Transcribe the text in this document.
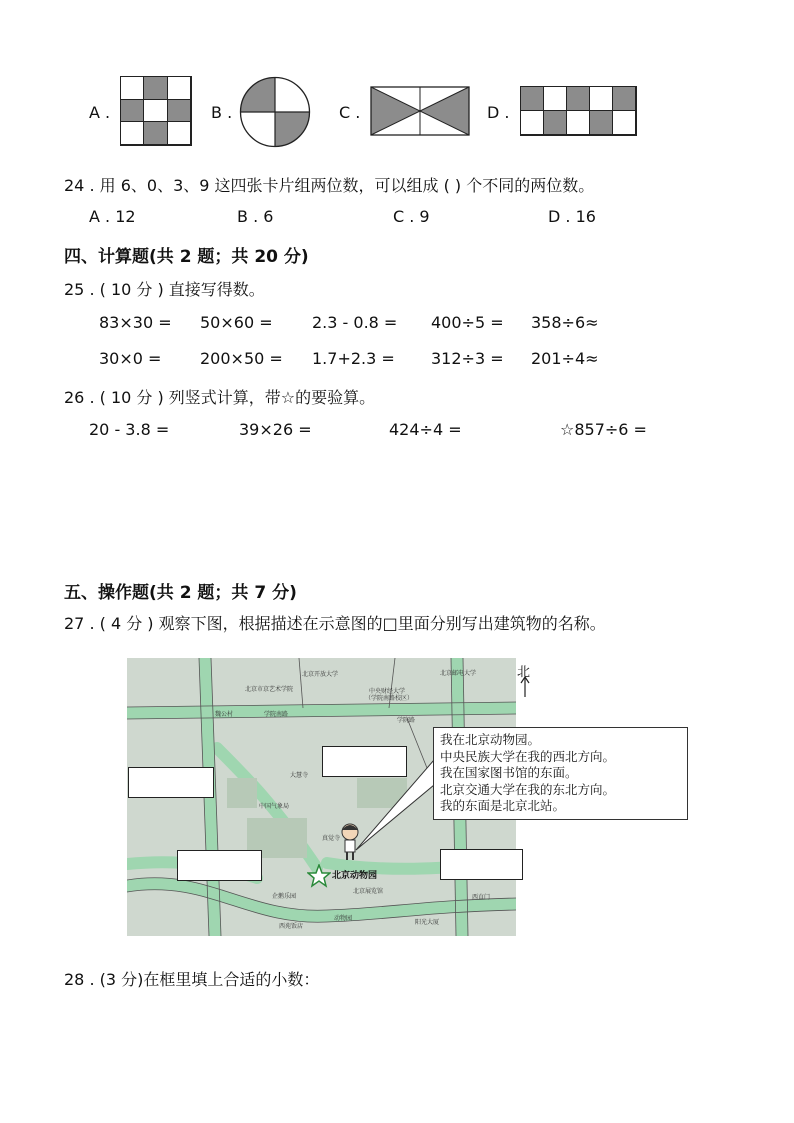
A .	B .	C .	D .
24 . 用 6、0、3、9 这四张卡片组两位数，可以组成 ( ) 个不同的两位数。
A . 12	B . 6	C . 9	D . 16
四、计算题(共 2 题；共 20 分)
25 . ( 10 分 ) 直接写得数。
83×30 = 50×60 = 2.3 - 0.8 = 400÷5 = 358÷6≈
30×0 = 200×50 = 1.7+2.3 = 312÷3 = 201÷4≈
26 . ( 10 分 ) 列竖式计算，带☆的要验算。
20 - 3.8 =	39×26 =	424÷4 =	☆857÷6 =
五、操作题(共 2 题；共 7 分)
27 . ( 4 分 ) 观察下图，根据描述在示意图的□里面分别写出建筑物的名称。
北京开放大学	北京邮电大学
北京市京艺术学院	中央财经大学
（学院南路校区）
学院南路
学院路
魏公村
大慧寺
中国气象局
真觉寺
企鹅乐园
北京展览馆
动物园
西直门
西苑饭店
阳光大厦
北京动物园
北
我在北京动物园。
中央民族大学在我的西北方向。
我在国家图书馆的东面。
北京交通大学在我的东北方向。
我的东面是北京北站。
28 . (3 分)在框里填上合适的小数：
